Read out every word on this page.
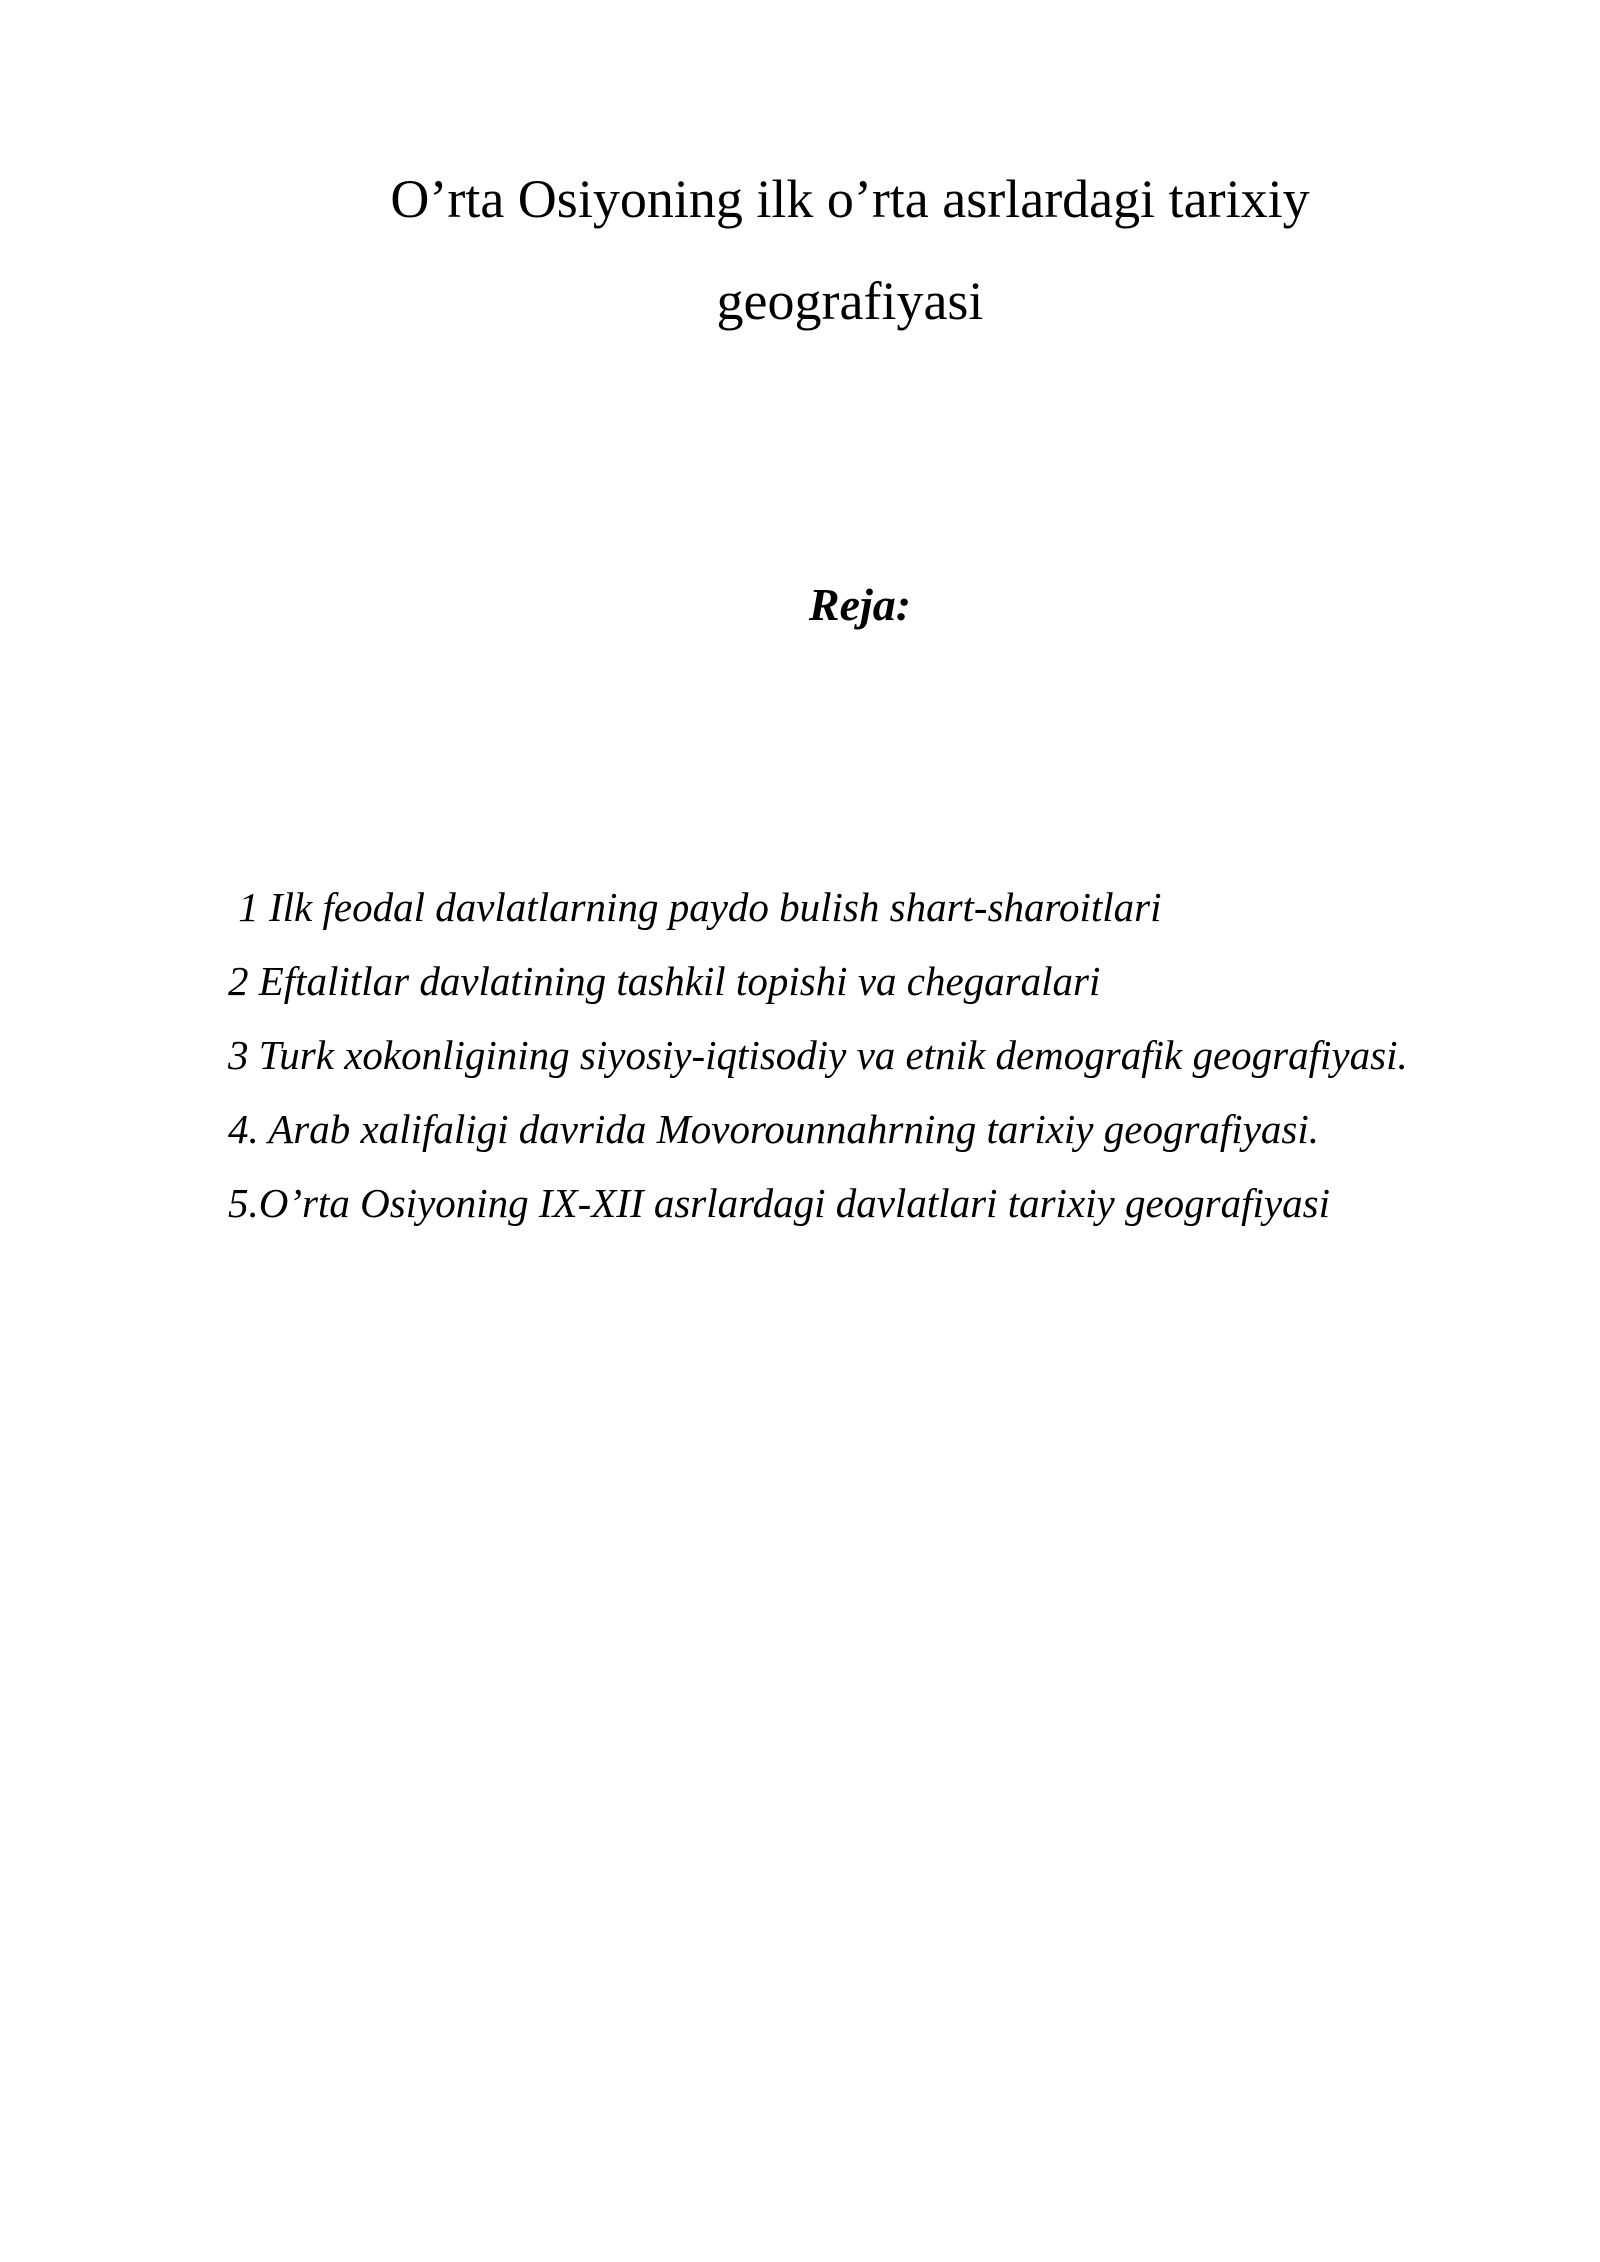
O’rta Osiyoning ilk o’rta asrlardagi tarixiy
geografiyasi
Reja:
1 Ilk feodal davlatlarning paydo bulish shart-sharoitlari
2 Eftalitlar davlatining tashkil topishi va chegaralari
3 Turk xokonligining siyosiy-iqtisodiy va etnik demografik geografiyasi.
4. Arab xalifaligi davrida Movorounnahrning tarixiy geografiyasi.
5.O’rta Osiyoning IX-XII asrlardagi davlatlari tarixiy geografiyasi
